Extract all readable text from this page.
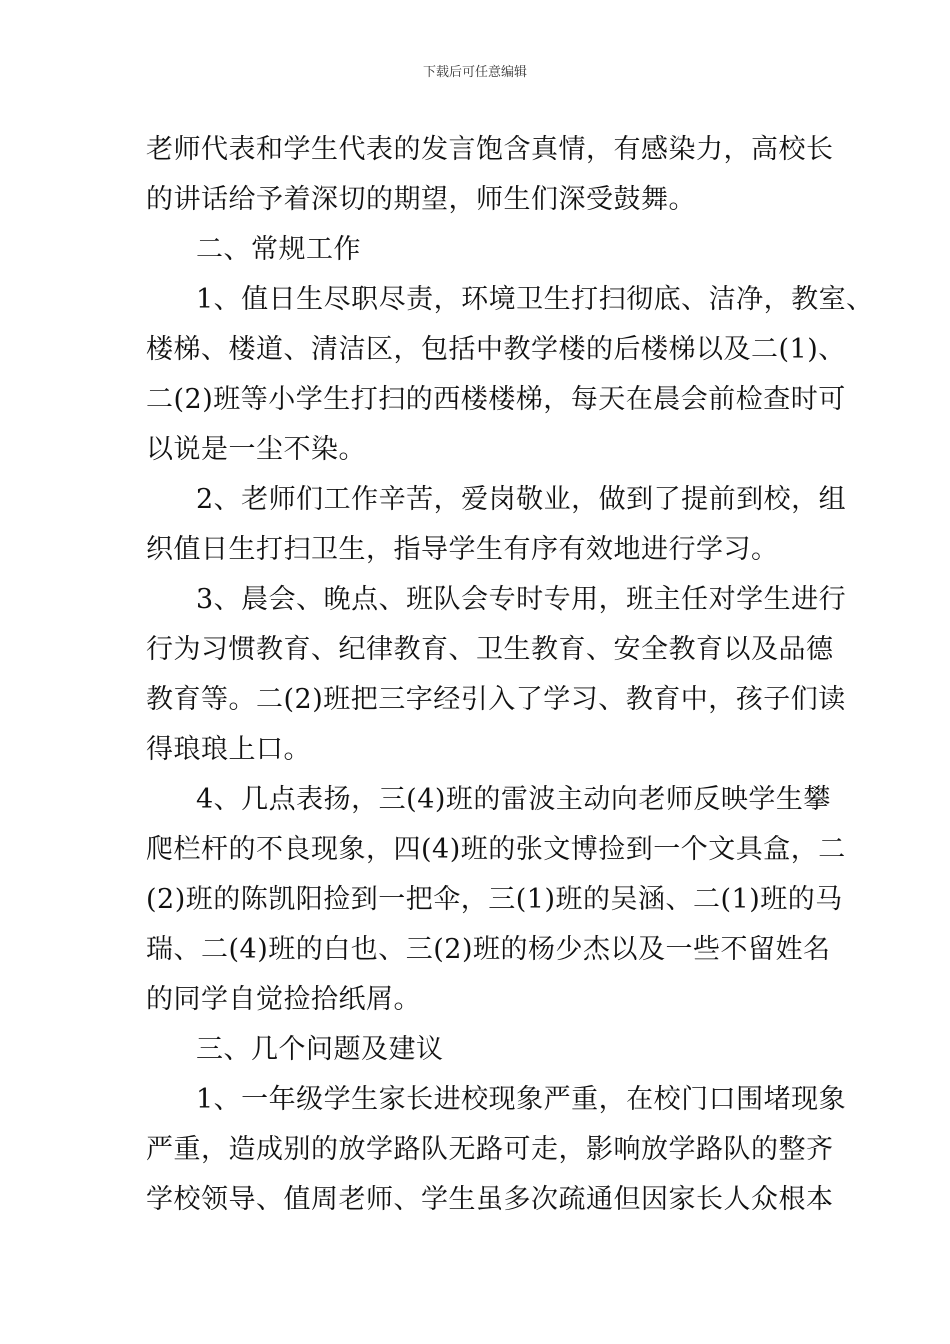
下载后可任意编辑
老师代表和学生代表的发言饱含真情，有感染力，高校长
的讲话给予着深切的期望，师生们深受鼓舞。
二、常规工作
1、值日生尽职尽责，环境卫生打扫彻底、洁净，教室、
楼梯、楼道、清洁区，包括中教学楼的后楼梯以及二(1)、
二(2)班等小学生打扫的西楼楼梯，每天在晨会前检查时可
以说是一尘不染。
2、老师们工作辛苦，爱岗敬业，做到了提前到校，组
织值日生打扫卫生，指导学生有序有效地进行学习。
3、晨会、晚点、班队会专时专用，班主任对学生进行
行为习惯教育、纪律教育、卫生教育、安全教育以及品德
教育等。二(2)班把三字经引入了学习、教育中，孩子们读
得琅琅上口。
4、几点表扬，三(4)班的雷波主动向老师反映学生攀
爬栏杆的不良现象，四(4)班的张文博捡到一个文具盒，二
(2)班的陈凯阳捡到一把伞，三(1)班的吴涵、二(1)班的马
瑞、二(4)班的白也、三(2)班的杨少杰以及一些不留姓名
的同学自觉捡拾纸屑。
三、几个问题及建议
1、一年级学生家长进校现象严重，在校门口围堵现象
严重，造成别的放学路队无路可走，影响放学路队的整齐
学校领导、值周老师、学生虽多次疏通但因家长人众根本
